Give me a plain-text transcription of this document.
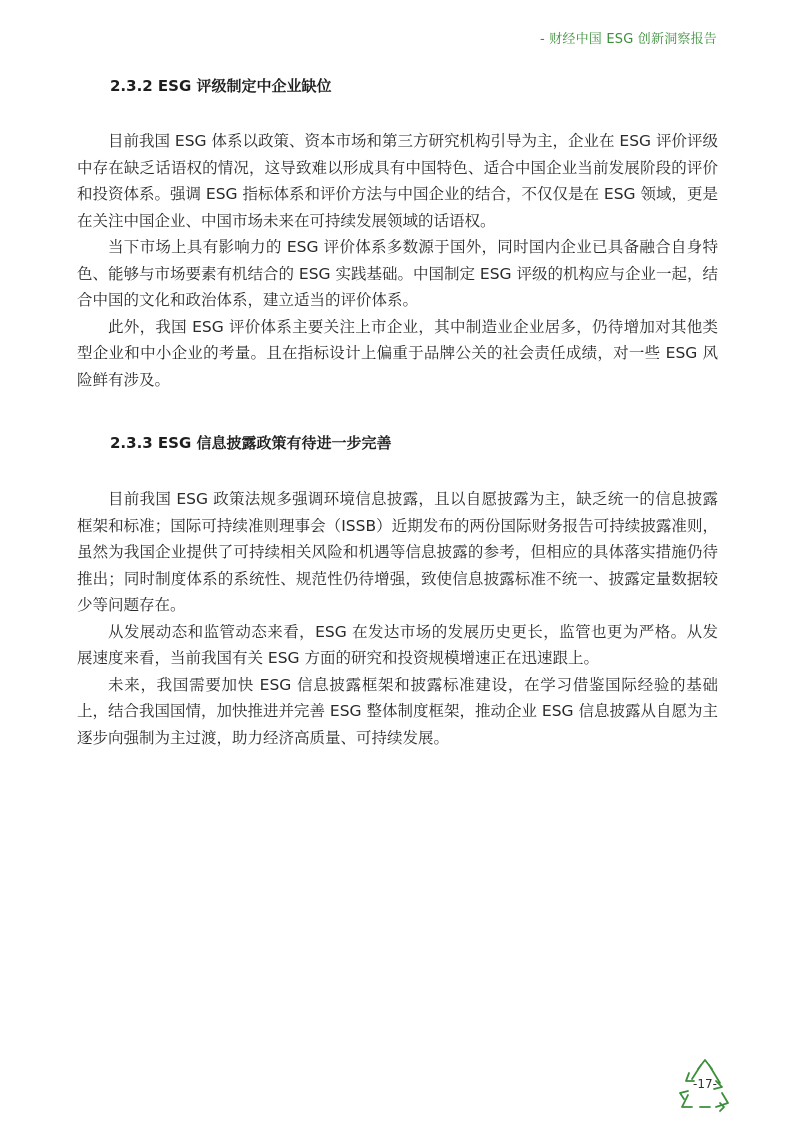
- 财经中国 ESG 创新洞察报告
2.3.2 ESG 评级制定中企业缺位

目前我国 ESG 体系以政策、资本市场和第三方研究机构引导为主，企业在 ESG 评价评级中存在缺乏话语权的情况，这导致难以形成具有中国特色、适合中国企业当前发展阶段的评价和投资体系。强调 ESG 指标体系和评价方法与中国企业的结合，不仅仅是在 ESG 领域，更是在关注中国企业、中国市场未来在可持续发展领域的话语权。

当下市场上具有影响力的 ESG 评价体系多数源于国外，同时国内企业已具备融合自身特色、能够与市场要素有机结合的 ESG 实践基础。中国制定 ESG 评级的机构应与企业一起，结合中国的文化和政治体系，建立适当的评价体系。

此外，我国 ESG 评价体系主要关注上市企业，其中制造业企业居多，仍待增加对其他类型企业和中小企业的考量。且在指标设计上偏重于品牌公关的社会责任成绩，对一些 ESG 风险鲜有涉及。

2.3.3 ESG 信息披露政策有待进一步完善

目前我国 ESG 政策法规多强调环境信息披露，且以自愿披露为主，缺乏统一的信息披露框架和标准；国际可持续准则理事会（ISSB）近期发布的两份国际财务报告可持续披露准则，虽然为我国企业提供了可持续相关风险和机遇等信息披露的参考，但相应的具体落实措施仍待推出；同时制度体系的系统性、规范性仍待增强，致使信息披露标准不统一、披露定量数据较少等问题存在。

从发展动态和监管动态来看，ESG 在发达市场的发展历史更长，监管也更为严格。从发展速度来看，当前我国有关 ESG 方面的研究和投资规模增速正在迅速跟上。

未来，我国需要加快 ESG 信息披露框架和披露标准建设，在学习借鉴国际经验的基础上，结合我国国情，加快推进并完善 ESG 整体制度框架，推动企业 ESG 信息披露从自愿为主逐步向强制为主过渡，助力经济高质量、可持续发展。

-17-
